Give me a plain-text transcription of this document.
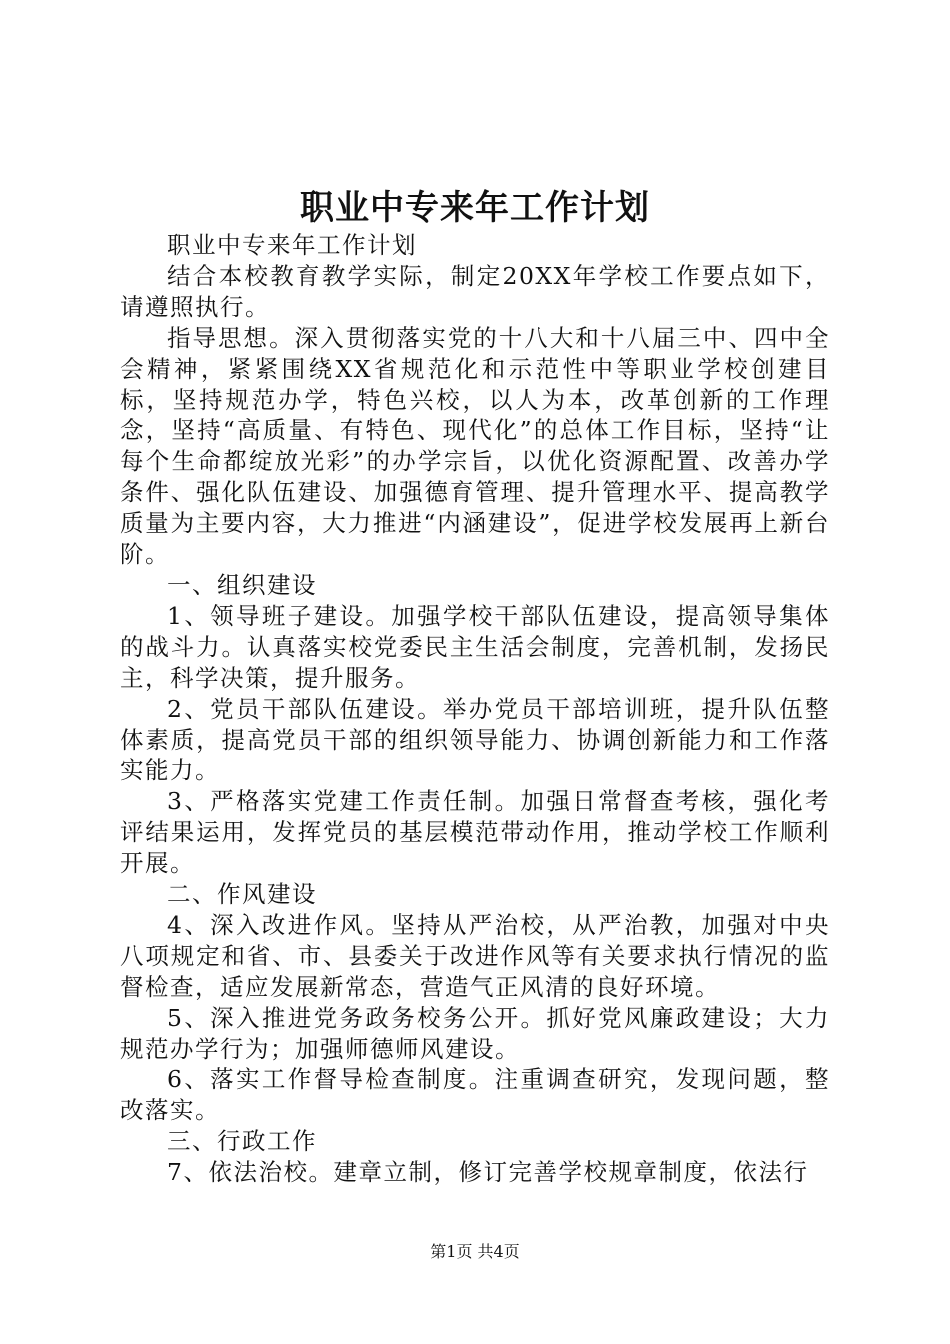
职业中专来年工作计划

职业中专来年工作计划

结合本校教育教学实际，制定20XX年学校工作要点如下，请遵照执行。

指导思想。深入贯彻落实党的十八大和十八届三中、四中全会精神，紧紧围绕XX省规范化和示范性中等职业学校创建目标，坚持规范办学，特色兴校，以人为本，改革创新的工作理念，坚持“高质量、有特色、现代化”的总体工作目标，坚持“让每个生命都绽放光彩”的办学宗旨，以优化资源配置、改善办学条件、强化队伍建设、加强德育管理、提升管理水平、提高教学质量为主要内容，大力推进“内涵建设”，促进学校发展再上新台阶。

一、组织建设

1、领导班子建设。加强学校干部队伍建设，提高领导集体的战斗力。认真落实校党委民主生活会制度，完善机制，发扬民主，科学决策，提升服务。

2、党员干部队伍建设。举办党员干部培训班，提升队伍整体素质，提高党员干部的组织领导能力、协调创新能力和工作落实能力。

3、严格落实党建工作责任制。加强日常督查考核，强化考评结果运用，发挥党员的基层模范带动作用，推动学校工作顺利开展。

二、作风建设

4、深入改进作风。坚持从严治校，从严治教，加强对中央八项规定和省、市、县委关于改进作风等有关要求执行情况的监督检查，适应发展新常态，营造气正风清的良好环境。

5、深入推进党务政务校务公开。抓好党风廉政建设；大力规范办学行为；加强师德师风建设。

6、落实工作督导检查制度。注重调查研究，发现问题，整改落实。

三、行政工作

7、依法治校。建章立制，修订完善学校规章制度，依法行

第1页 共4页
